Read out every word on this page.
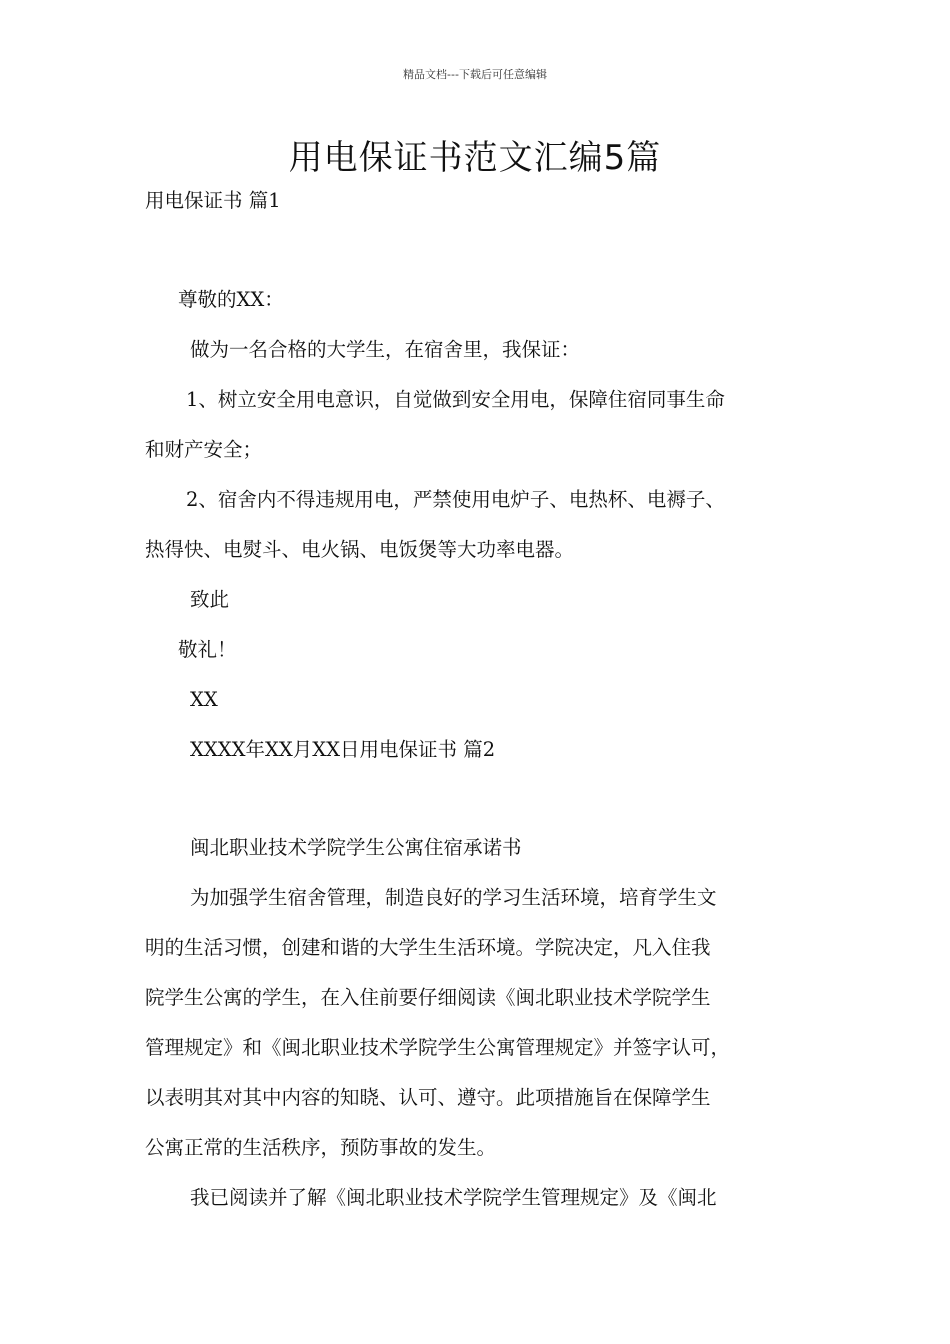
精品文档---下载后可任意编辑
用电保证书范文汇编5篇
用电保证书 篇1
尊敬的XX：
做为一名合格的大学生，在宿舍里，我保证：
1、树立安全用电意识，自觉做到安全用电，保障住宿同事生命
和财产安全；
2、宿舍内不得违规用电，严禁使用电炉子、电热杯、电褥子、
热得快、电熨斗、电火锅、电饭煲等大功率电器。
致此
敬礼！
XX
XXXX年XX月XX日用电保证书 篇2
闽北职业技术学院学生公寓住宿承诺书
为加强学生宿舍管理，制造良好的学习生活环境，培育学生文
明的生活习惯，创建和谐的大学生生活环境。学院决定，凡入住我
院学生公寓的学生，在入住前要仔细阅读《闽北职业技术学院学生
管理规定》和《闽北职业技术学院学生公寓管理规定》并签字认可，
以表明其对其中内容的知晓、认可、遵守。此项措施旨在保障学生
公寓正常的生活秩序，预防事故的发生。
我已阅读并了解《闽北职业技术学院学生管理规定》及《闽北
